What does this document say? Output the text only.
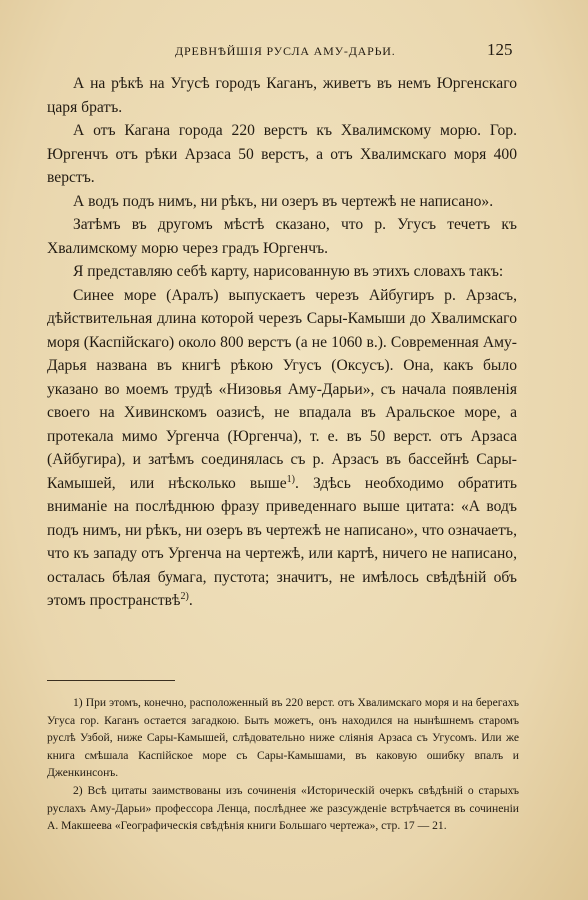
ДРЕВНѢЙШІЯ РУСЛА АМУ-ДАРЬИ.	125

А на рѣкѣ на Угусѣ городъ Каганъ, живетъ въ немъ Юргенскаго царя братъ.

А отъ Кагана города 220 верстъ къ Хвалимскому морю. Гор. Юргенчъ отъ рѣки Арзаса 50 верстъ, а отъ Хвалимскаго моря 400 верстъ.

А водъ подъ нимъ, ни рѣкъ, ни озеръ въ чертежѣ не написано».

Затѣмъ въ другомъ мѣстѣ сказано, что р. Угусъ течетъ къ Хвалимскому морю через градъ Юргенчъ.

Я представляю себѣ карту, нарисованную въ этихъ словахъ такъ:

Синее море (Аралъ) выпускаетъ черезъ Айбугиръ р. Арзасъ, дѣйствительная длина которой черезъ Сары-Камыши до Хвалимскаго моря (Каспійскаго) около 800 верстъ (а не 1060 в.). Современная Аму-Дарья названа въ книгѣ рѣкою Угусъ (Оксусъ). Она, какъ было указано во моемъ трудѣ «Низовья Аму-Дарьи», съ начала появленія своего на Хивинскомъ оазисѣ, не впадала въ Аральское море, а протекала мимо Ургенча (Юргенча), т. е. въ 50 верст. отъ Арзаса (Айбугира), и затѣмъ соединялась съ р. Арзасъ въ бассейнѣ Сары-Камышей, или нѣсколько выше$^{1)}$. Здѣсь необходимо обратить вниманіе на послѣднюю фразу приведеннаго выше цитата: «А водъ подъ нимъ, ни рѣкъ, ни озеръ въ чертежѣ не написано», что означаетъ, что къ западу отъ Ургенча на чертежѣ, или картѣ, ничего не написано, осталась бѣлая бумага, пустота; значитъ, не имѣлось свѣдѣній объ этомъ пространствѣ$^{2)}$.

1) При этомъ, конечно, расположенный въ 220 верст. отъ Хвалимскаго моря и на берегахъ Угуса гор. Каганъ остается загадкою. Быть можетъ, онъ находился на нынѣшнемъ старомъ руслѣ Узбой, ниже Сары-Камышей, слѣдовательно ниже сліянія Арзаса съ Угусомъ. Или же книга смѣшала Каспійское море съ Сары-Камышами, въ каковую ошибку впалъ и Дженкинсонъ.

2) Всѣ цитаты заимствованы изъ сочиненія «Историческій очеркъ свѣдѣній о старыхъ руслахъ Аму-Дарьи» профессора Ленца, послѣднее же разсужденіе встрѣчается въ сочиненіи А. Макшеева «Географическія свѣдѣнія книги Большаго чертежа», стр. 17 — 21.
